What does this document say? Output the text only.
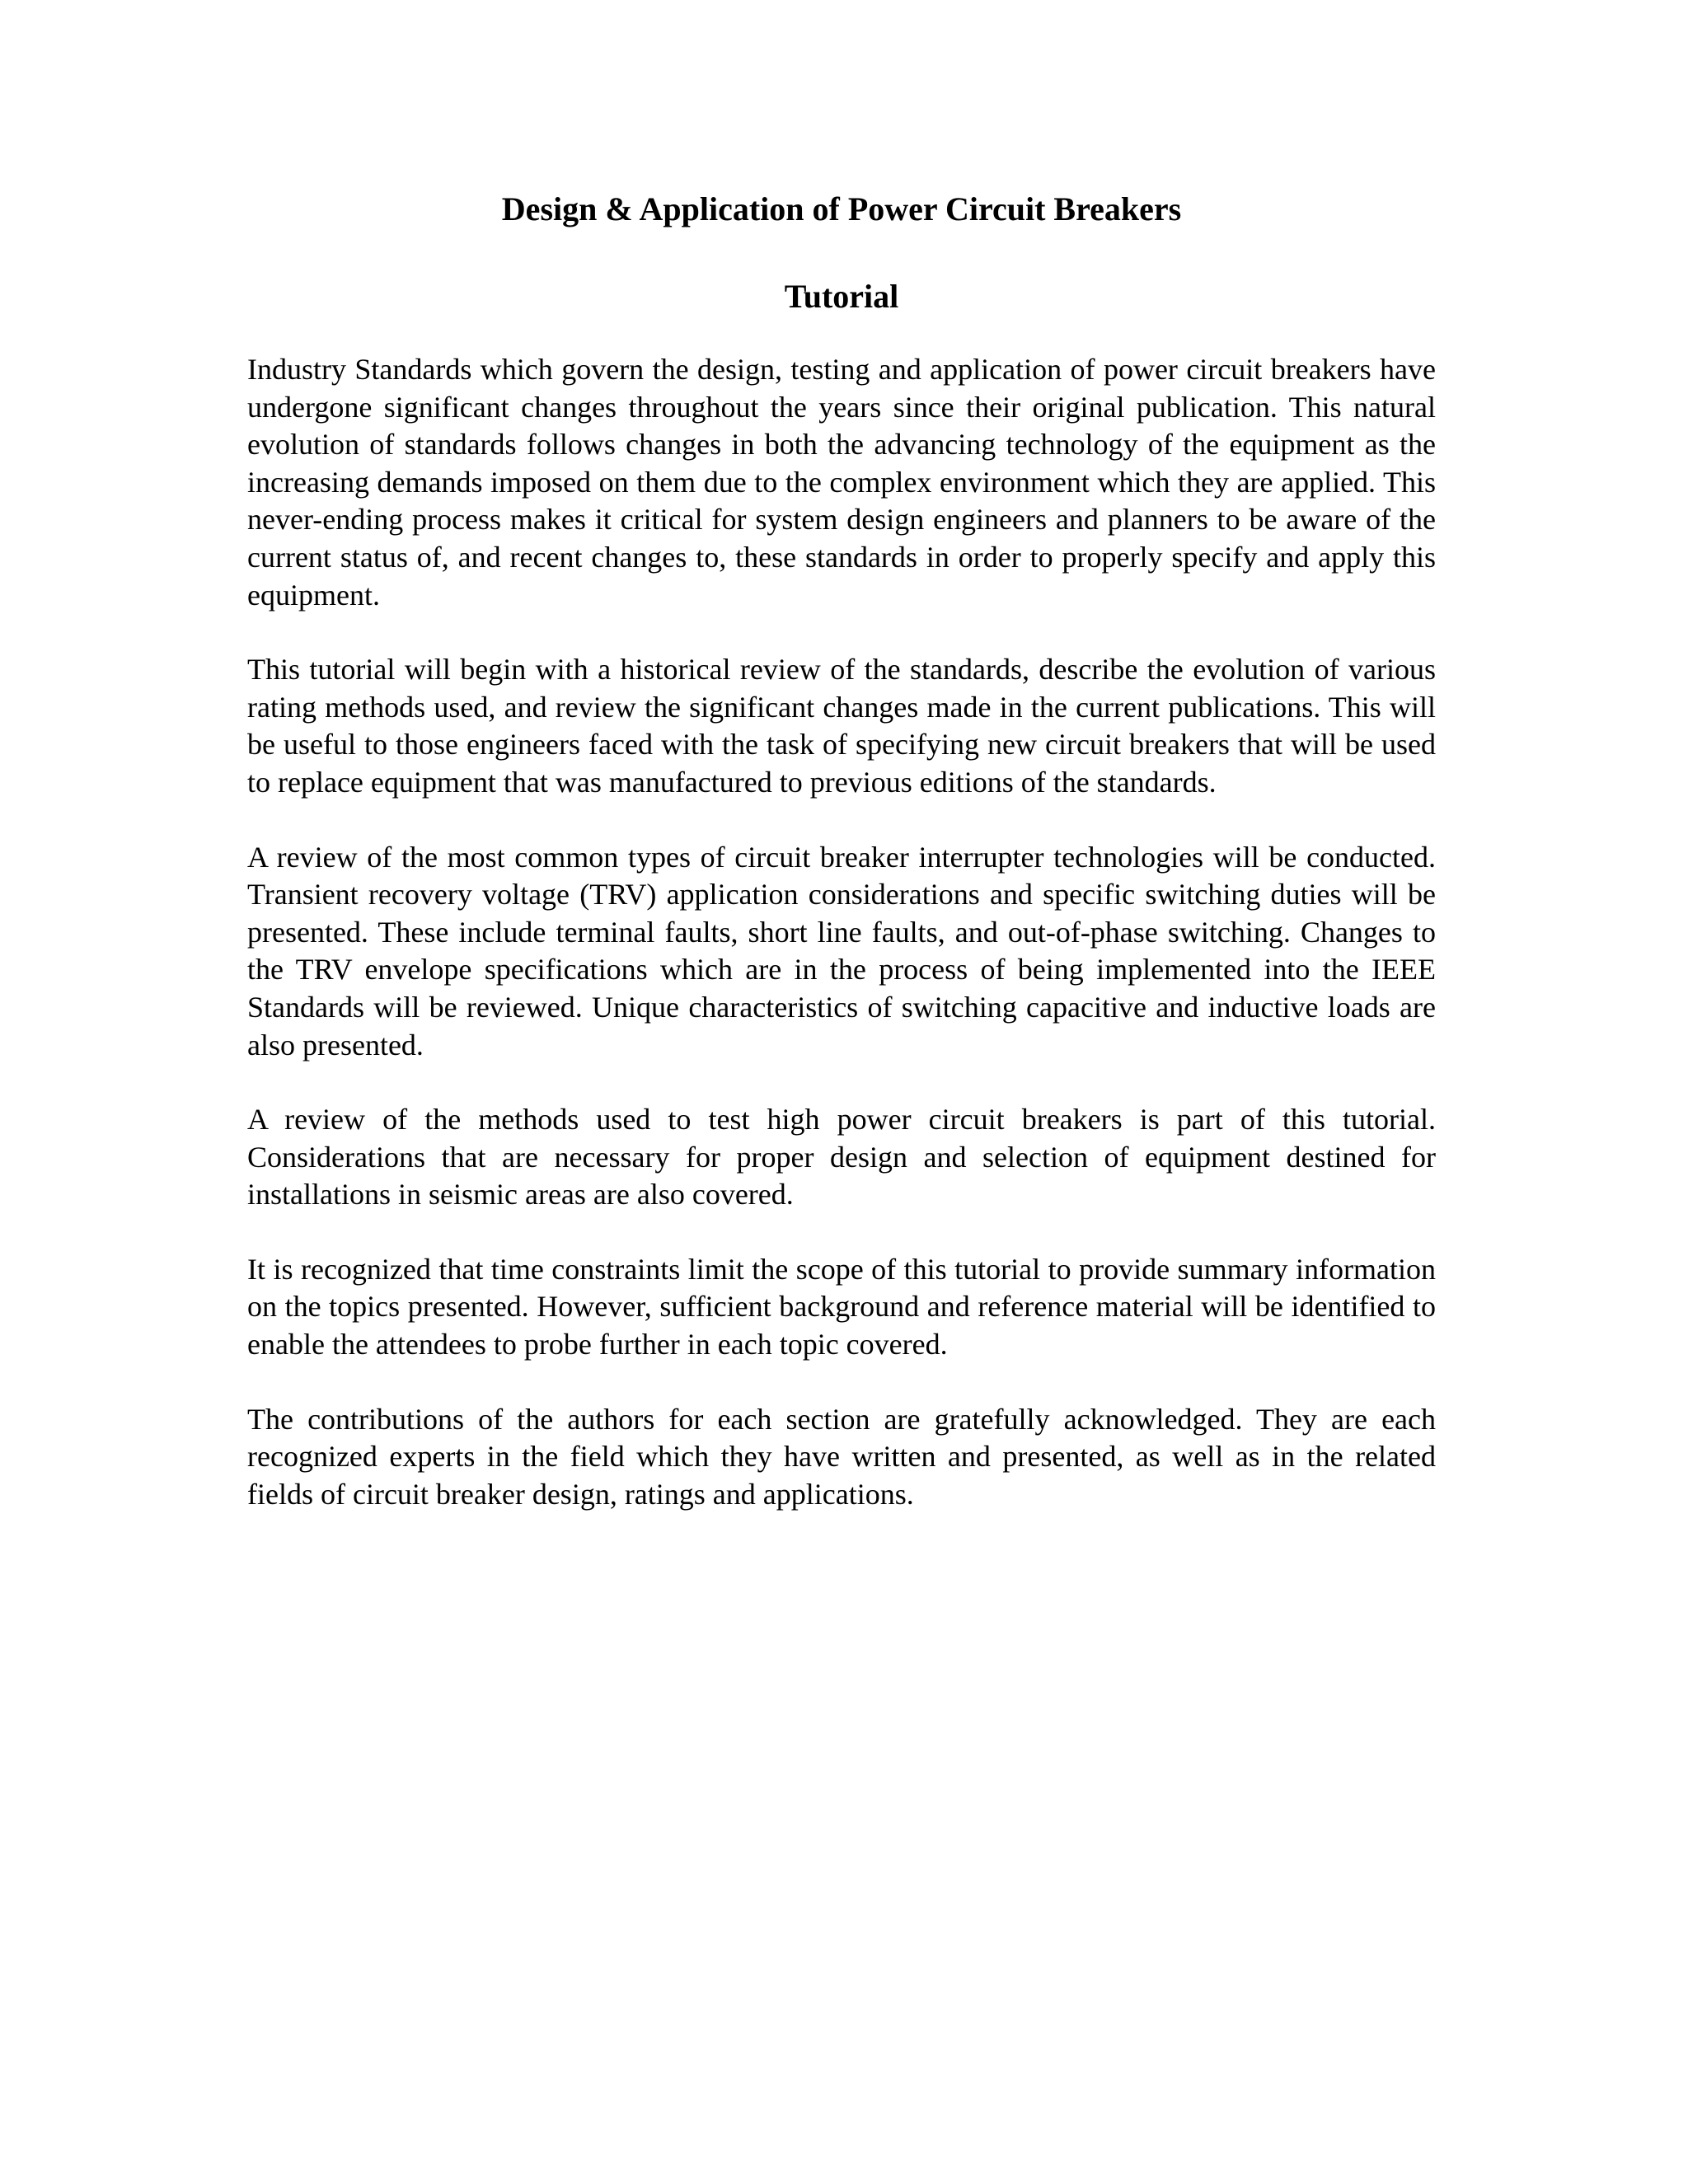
Design & Application of Power Circuit Breakers
Tutorial

Industry Standards which govern the design, testing and application of power circuit breakers have undergone significant changes throughout the years since their original publication. This natural evolution of standards follows changes in both the advancing technology of the equipment as the increasing demands imposed on them due to the complex environment which they are applied. This never-ending process makes it critical for system design engineers and planners to be aware of the current status of, and recent changes to, these standards in order to properly specify and apply this equipment.

This tutorial will begin with a historical review of the standards, describe the evolution of various rating methods used, and review the significant changes made in the current publications. This will be useful to those engineers faced with the task of specifying new circuit breakers that will be used to replace equipment that was manufactured to previous editions of the standards.

A review of the most common types of circuit breaker interrupter technologies will be conducted. Transient recovery voltage (TRV) application considerations and specific switching duties will be presented. These include terminal faults, short line faults, and out-of-phase switching. Changes to the TRV envelope specifications which are in the process of being implemented into the IEEE Standards will be reviewed. Unique characteristics of switching capacitive and inductive loads are also presented.

A review of the methods used to test high power circuit breakers is part of this tutorial. Considerations that are necessary for proper design and selection of equipment destined for installations in seismic areas are also covered.

It is recognized that time constraints limit the scope of this tutorial to provide summary information on the topics presented. However, sufficient background and reference material will be identified to enable the attendees to probe further in each topic covered.

The contributions of the authors for each section are gratefully acknowledged. They are each recognized experts in the field which they have written and presented, as well as in the related fields of circuit breaker design, ratings and applications.
